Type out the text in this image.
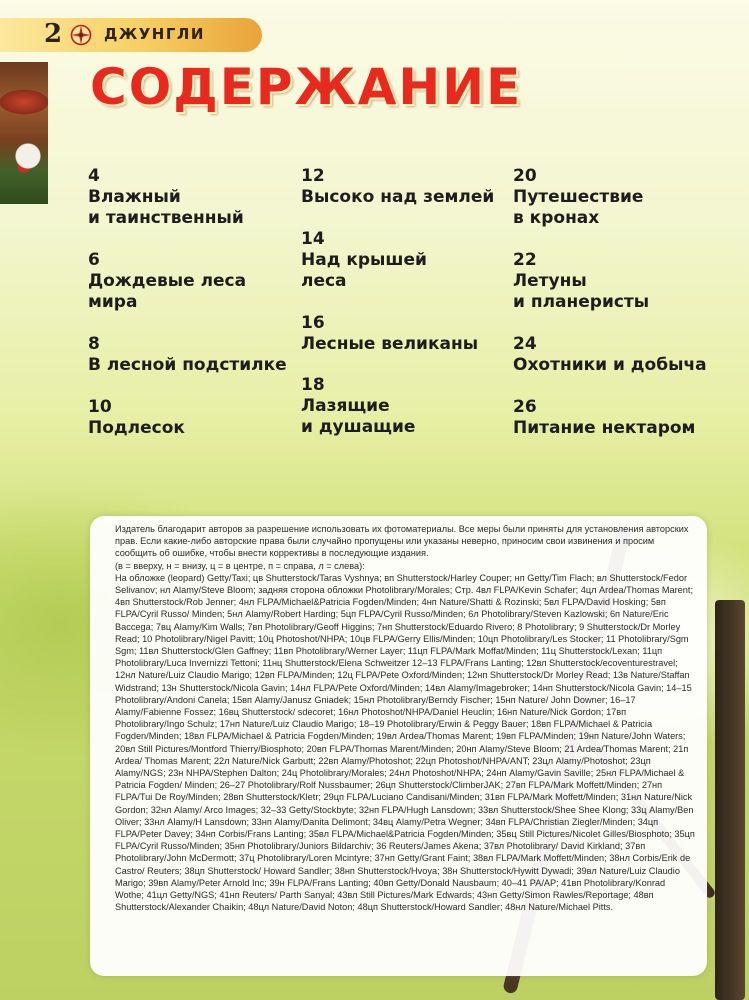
2	ДЖУНГЛИ
СОДЕРЖАНИЕ
4
Влажный
и таинственный
6
Дождевые леса
мира
8
В лесной подстилке
10
Подлесок
12
Высоко над землей
14
Над крышей
леса
16
Лесные великаны
18
Лазящие
и душащие
20
Путешествие
в кронах
22
Летуны
и планеристы
24
Охотники и добыча
26
Питание нектаром

Издатель благодарит авторов за разрешение использовать их фотоматериалы. Все меры были приняты для установления авторских прав. Если какие-либо авторские права были случайно пропущены или указаны неверно, приносим свои извинения и просим сообщить об ошибке, чтобы внести коррективы в последующие издания.

(в = вверху, н = внизу, ц = в центре, п = справа, л = слева):

На обложке (leopard) Getty/Taxi; цв Shutterstock/Taras Vyshnya; вп Shutterstock/Harley Couper; нп Getty/Tim Flach; вл Shutterstock/Fedor Selivanov; нл Alamy/Steve Bloom; задняя сторона обложки Photolibrary/Morales; Стр. 4вл FLPA/Kevin Schafer; 4цл Ardea/Thomas Marent; 4вп Shutterstock/Rob Jenner; 4нл FLPA/Michael&Patricia Fogden/Minden; 4нп Nature/Shatti & Rozinski; 5вл FLPA/David Hosking; 5вп FLPA/Cyril Russo/ Minden; 5нл Alamy/Robert Harding; 5цп FLPA/Cyril Russo/Minden; 6л Photolibrary/Steven Kazlowski; 6п Nature/Eric Baccega; 7вц Alamy/Kim Walls; 7вп Photolibrary/Geoff Higgins; 7нп Shutterstock/Eduardo Rivero; 8 Photolibrary; 9 Shutterstock/Dr Morley Read; 10 Photolibrary/Nigel Pavitt; 10ц Photoshot/NHPA; 10цв FLPA/Gerry Ellis/Minden; 10цп Photolibrary/Les Stocker; 11 Photolibrary/Sgm Sgm; 11вл Shutterstock/Glen Gaffney; 11вп Photolibrary/Werner Layer; 11цп FLPA/Mark Moffat/Minden; 11ц Shutterstock/Lexan; 11цп Photolibrary/Luca Invernizzi Tettoni; 11нц Shutterstock/Elena Schweitzer 12–13 FLPA/Frans Lanting; 12вл Shutterstock/ecoventurestravel; 12нл Nature/Luiz Claudio Marigo; 12вп FLPA/Minden; 12ц FLPA/Pete Oxford/Minden; 12нп Shutterstock/Dr Morley Read; 13в Nature/Staffan Widstrand; 13н Shutterstock/Nicola Gavin; 14нл FLPA/Pete Oxford/Minden; 14вл Alamy/Imagebroker; 14нп Shutterstock/Nicola Gavin; 14–15 Photolibrary/Andoni Canela; 15вп Alamy/Janusz Gniadek; 15нл Photolibrary/Berndy Fischer; 15нп Nature/ John Downer; 16–17 Alamy/Fabienne Fossez; 16вц Shutterstock/ sdecoret; 16нл Photoshot/NHPA/Daniel Heuclin; 16нп Nature/Nick Gordon; 17вп Photolibrary/Ingo Schulz; 17нп Nature/Luiz Claudio Marigo; 18–19 Photolibrary/Erwin & Peggy Bauer; 18вп FLPA/Michael & Patricia Fogden/Minden; 18вл FLPA/Michael & Patricia Fogden/Minden; 19вл Ardea/Thomas Marent; 19вп FLPA/Minden; 19нп Nature/John Waters; 20вл Still Pictures/Montford Thierry/Biosphoto; 20вп FLPA/Thomas Marent/Minden; 20нп Alamy/Steve Bloom; 21 Ardea/Thomas Marent; 21п Ardea/ Thomas Marent; 22л Nature/Nick Garbutt; 22вп Alamy/Photoshot; 22цп Photoshot/NHPA/ANT; 23цл Alamy/Photoshot; 23цп Alamy/NGS; 23н NHPA/Stephen Dalton; 24ц Photolibrary/Morales; 24нл Photoshot/NHPA; 24нп Alamy/Gavin Saville; 25нл FLPA/Michael & Patricia Fogden/ Minden; 26–27 Photolibrary/Rolf Nussbaumer; 26цп Shutterstock/ClimberJAK; 27вп FLPA/Mark Moffett/Minden; 27нп FLPA/Tui De Roy/Minden; 28вп Shutterstock/Kletr; 29цп FLPA/Luciano Candisani/Minden; 31вп FLPA/Mark Moffett/Minden; 31нл Nature/Nick Gordon; 32нл Alamy/ Arco Images; 32–33 Getty/Stockbyte; 32нп FLPA/Hugh Lansdown; 33вл Shutterstock/Shee Shee Klong; 33ц Alamy/Ben Oliver; 33нл Alamy/H Lansdown; 33нп Alamy/Danita Delimont; 34вц Alamy/Petra Wegner; 34вп FLPA/Christian Ziegler/Minden; 34цп FLPA/Peter Davey; 34нп Corbis/Frans Lanting; 35вл FLPA/Michael&Patricia Fogden/Minden; 35вц Still Pictures/Nicolet Gilles/Biosphoto; 35цп FLPA/Cyril Russo/Minden; 35нп Photolibrary/Juniors Bildarchiv; 36 Reuters/James Akena; 37вл Photolibrary/ David Kirkland; 37вп Photolibrary/John McDermott; 37ц Photolibrary/Loren Mcintyre; 37нп Getty/Grant Faint; 38вл FLPA/Mark Moffett/Minden; 38нл Corbis/Erik de Castro/ Reuters; 38цп Shutterstock/ Howard Sandler; 38нп Shutterstock/Hvoya; 38н Shutterstock/Hywitt Dywadi; 39вл Nature/Luiz Claudio Marigo; 39вп Alamy/Peter Arnold Inc; 39н FLPA/Frans Lanting; 40вп Getty/Donald Nausbaum; 40–41 PA/AP; 41вп Photolibrary/Konrad Wothe; 41цл Getty/NGS; 41нп Reuters/ Parth Sanyal; 43вл Still Pictures/Mark Edwards; 43нп Getty/Simon Rawles/Reportage; 48вп Shutterstock/Alexander Chaikin; 48цл Nature/David Noton; 48цп Shutterstock/Howard Sandler; 48нл Nature/Michael Pitts.
